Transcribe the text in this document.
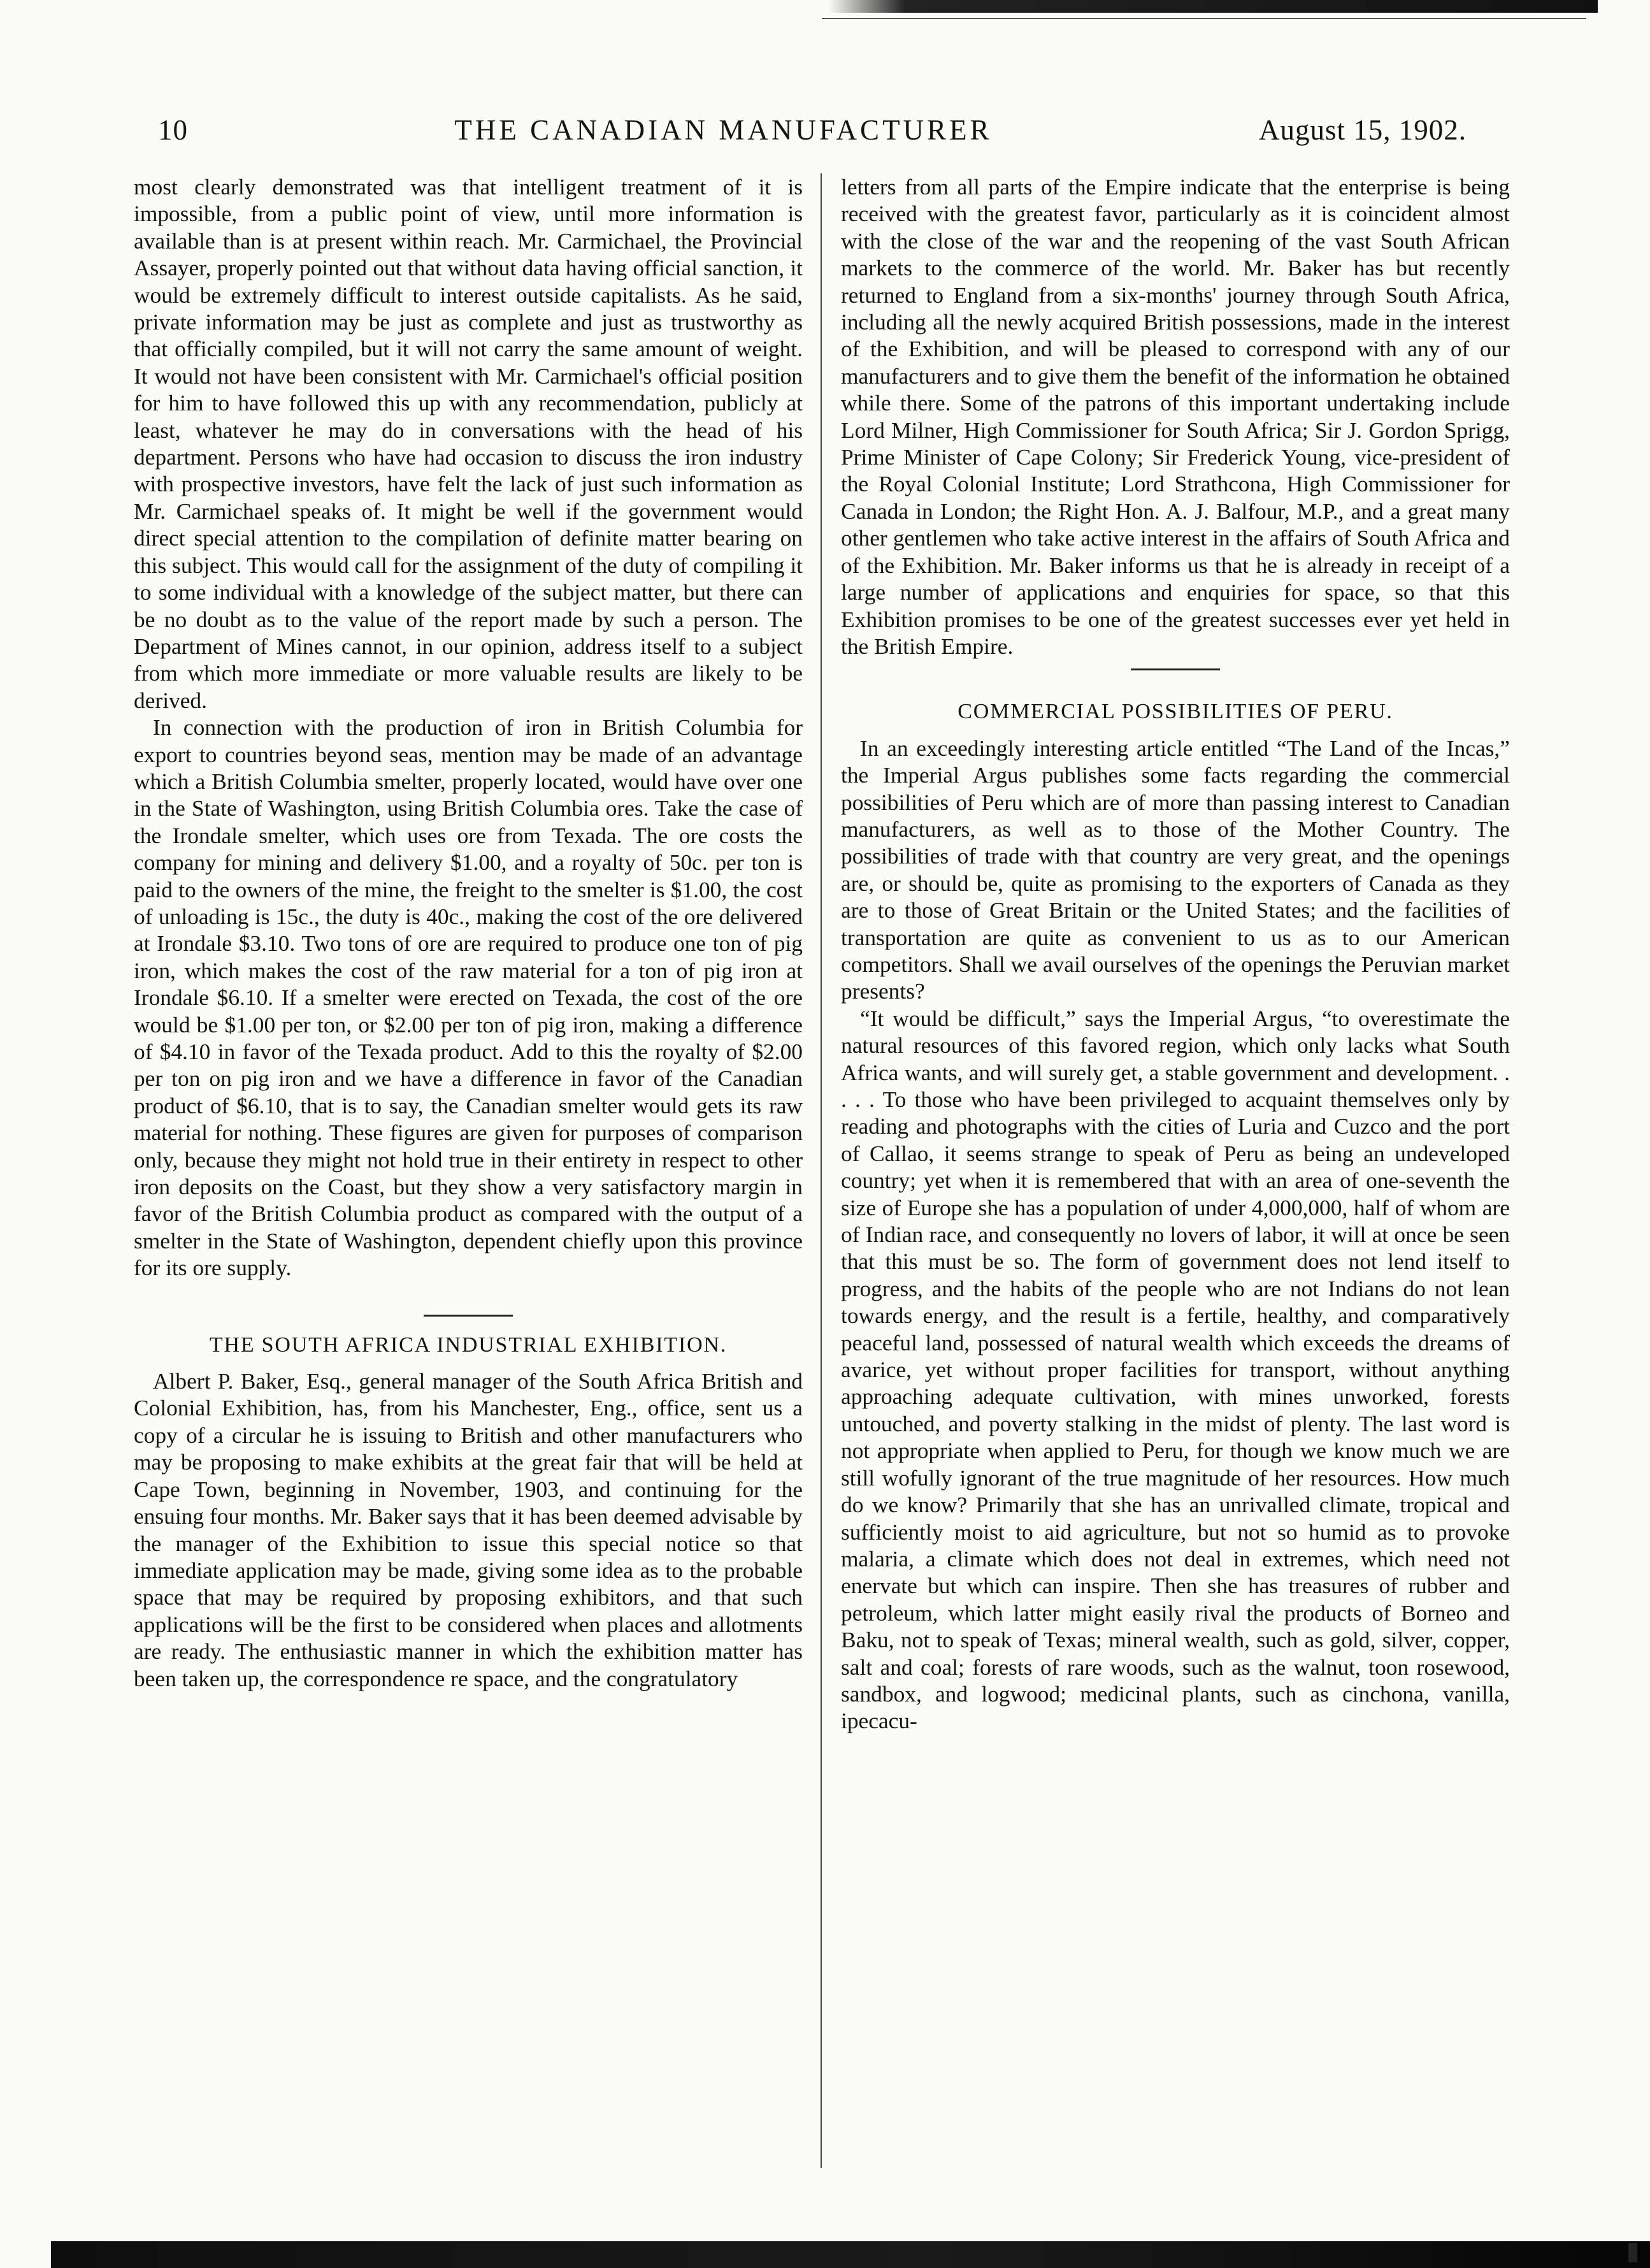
10	THE CANADIAN MANUFACTURER	August 15, 1902.

most clearly demonstrated was that intelligent treatment of it is impossible, from a public point of view, until more information is available than is at present within reach. Mr. Carmichael, the Provincial Assayer, properly pointed out that without data having official sanction, it would be extremely difficult to interest outside capitalists. As he said, private information may be just as complete and just as trustworthy as that officially compiled, but it will not carry the same amount of weight. It would not have been consistent with Mr. Carmichael's official position for him to have followed this up with any recommendation, publicly at least, whatever he may do in conversations with the head of his department. Persons who have had occasion to discuss the iron industry with prospective investors, have felt the lack of just such information as Mr. Carmichael speaks of. It might be well if the government would direct special attention to the compilation of definite matter bearing on this subject. This would call for the assignment of the duty of compiling it to some individual with a knowledge of the subject matter, but there can be no doubt as to the value of the report made by such a person. The Department of Mines cannot, in our opinion, address itself to a subject from which more immediate or more valuable results are likely to be derived.

In connection with the production of iron in British Columbia for export to countries beyond seas, mention may be made of an advantage which a British Columbia smelter, properly located, would have over one in the State of Washington, using British Columbia ores. Take the case of the Irondale smelter, which uses ore from Texada. The ore costs the company for mining and delivery $1.00, and a royalty of 50c. per ton is paid to the owners of the mine, the freight to the smelter is $1.00, the cost of unloading is 15c., the duty is 40c., making the cost of the ore delivered at Irondale $3.10. Two tons of ore are required to produce one ton of pig iron, which makes the cost of the raw material for a ton of pig iron at Irondale $6.10. If a smelter were erected on Texada, the cost of the ore would be $1.00 per ton, or $2.00 per ton of pig iron, making a difference of $4.10 in favor of the Texada product. Add to this the royalty of $2.00 per ton on pig iron and we have a difference in favor of the Canadian product of $6.10, that is to say, the Canadian smelter would gets its raw material for nothing. These figures are given for purposes of comparison only, because they might not hold true in their entirety in respect to other iron deposits on the Coast, but they show a very satisfactory margin in favor of the British Columbia product as compared with the output of a smelter in the State of Washington, dependent chiefly upon this province for its ore supply.

THE SOUTH AFRICA INDUSTRIAL EXHIBITION.

Albert P. Baker, Esq., general manager of the South Africa British and Colonial Exhibition, has, from his Manchester, Eng., office, sent us a copy of a circular he is issuing to British and other manufacturers who may be proposing to make exhibits at the great fair that will be held at Cape Town, beginning in November, 1903, and continuing for the ensuing four months. Mr. Baker says that it has been deemed advisable by the manager of the Exhibition to issue this special notice so that immediate application may be made, giving some idea as to the probable space that may be required by proposing exhibitors, and that such applications will be the first to be considered when places and allotments are ready. The enthusiastic manner in which the exhibition matter has been taken up, the correspondence re space, and the congratulatory

letters from all parts of the Empire indicate that the enterprise is being received with the greatest favor, particularly as it is coincident almost with the close of the war and the reopening of the vast South African markets to the commerce of the world. Mr. Baker has but recently returned to England from a six-months' journey through South Africa, including all the newly acquired British possessions, made in the interest of the Exhibition, and will be pleased to correspond with any of our manufacturers and to give them the benefit of the information he obtained while there. Some of the patrons of this important undertaking include Lord Milner, High Commissioner for South Africa; Sir J. Gordon Sprigg, Prime Minister of Cape Colony; Sir Frederick Young, vice-president of the Royal Colonial Institute; Lord Strathcona, High Commissioner for Canada in London; the Right Hon. A. J. Balfour, M.P., and a great many other gentlemen who take active interest in the affairs of South Africa and of the Exhibition. Mr. Baker informs us that he is already in receipt of a large number of applications and enquiries for space, so that this Exhibition promises to be one of the greatest successes ever yet held in the British Empire.

COMMERCIAL POSSIBILITIES OF PERU.

In an exceedingly interesting article entitled “The Land of the Incas,” the Imperial Argus publishes some facts regarding the commercial possibilities of Peru which are of more than passing interest to Canadian manufacturers, as well as to those of the Mother Country. The possibilities of trade with that country are very great, and the openings are, or should be, quite as promising to the exporters of Canada as they are to those of Great Britain or the United States; and the facilities of transportation are quite as convenient to us as to our American competitors. Shall we avail ourselves of the openings the Peruvian market presents?

“It would be difficult,” says the Imperial Argus, “to overestimate the natural resources of this favored region, which only lacks what South Africa wants, and will surely get, a stable government and development. . . . . To those who have been privileged to acquaint themselves only by reading and photographs with the cities of Luria and Cuzco and the port of Callao, it seems strange to speak of Peru as being an undeveloped country; yet when it is remembered that with an area of one-seventh the size of Europe she has a population of under 4,000,000, half of whom are of Indian race, and consequently no lovers of labor, it will at once be seen that this must be so. The form of government does not lend itself to progress, and the habits of the people who are not Indians do not lean towards energy, and the result is a fertile, healthy, and comparatively peaceful land, possessed of natural wealth which exceeds the dreams of avarice, yet without proper facilities for transport, without anything approaching adequate cultivation, with mines unworked, forests untouched, and poverty stalking in the midst of plenty. The last word is not appropriate when applied to Peru, for though we know much we are still wofully ignorant of the true magnitude of her resources. How much do we know? Primarily that she has an unrivalled climate, tropical and sufficiently moist to aid agriculture, but not so humid as to provoke malaria, a climate which does not deal in extremes, which need not enervate but which can inspire. Then she has treasures of rubber and petroleum, which latter might easily rival the products of Borneo and Baku, not to speak of Texas; mineral wealth, such as gold, silver, copper, salt and coal; forests of rare woods, such as the walnut, toon rosewood, sandbox, and logwood; medicinal plants, such as cinchona, vanilla, ipecacu-
